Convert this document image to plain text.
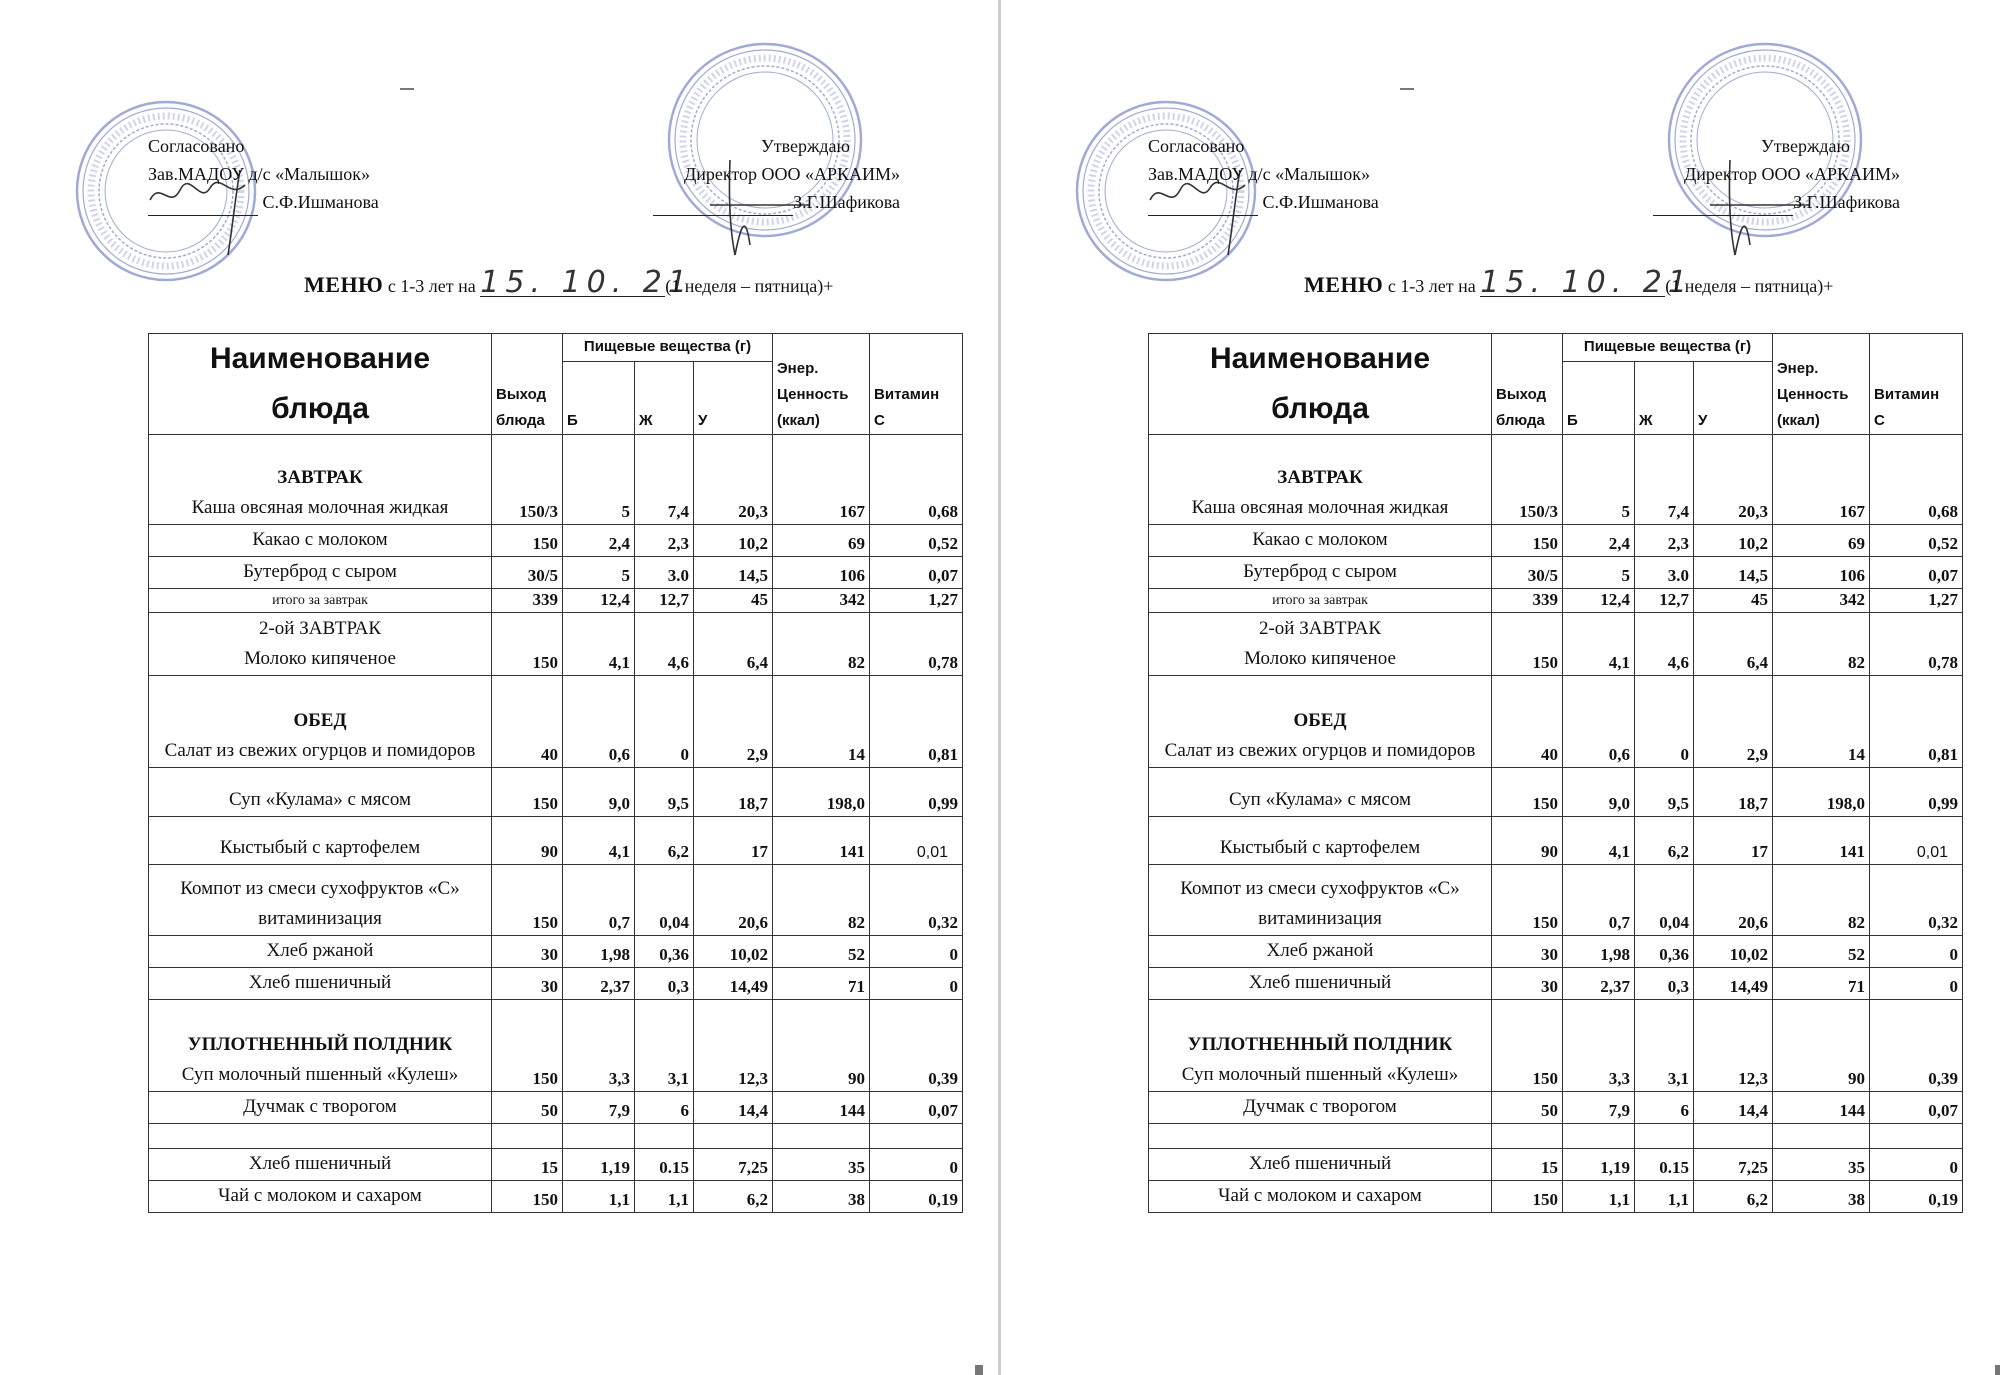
Согласовано
Зав.МАДОУ д/с «Малышок»
С.Ф.Ишманова
Утверждаю
Директор ООО «АРКАИМ»
З.Г.Шафикова
МЕНЮ с 1-3 лет на 15. 10. 21(1 неделя – пятница)+
Наименование
блюда	Выход
блюда	Пищевые вещества (г)			Энер.
Ценность
(ккал)	Витамин
С
		Б	Ж	У		

ЗАВТРАК
Каша овсяная молочная жидкая	150/3	5	7,4	20,3	167	0,68
Какао с молоком	150	2,4	2,3	10,2	69	0,52
Бутерброд с сыром	30/5	5	3.0	14,5	106	0,07
итого за завтрак	339	12,4	12,7	45	342	1,27

2-ой ЗАВТРАК
Молоко кипяченое	150	4,1	4,6	6,4	82	0,78

ОБЕД
Салат из свежих огурцов и помидоров	40	0,6	0	2,9	14	0,81
Суп «Кулама» с мясом	150	9,0	9,5	18,7	198,0	0,99
Кыстыбый с картофелем	90	4,1	6,2	17	141	0,01
Компот из смеси сухофруктов «С» витаминизация	150	0,7	0,04	20,6	82	0,32
Хлеб ржаной	30	1,98	0,36	10,02	52	0
Хлеб пшеничный	30	2,37	0,3	14,49	71	0

УПЛОТНЕННЫЙ ПОЛДНИК
Суп молочный пшенный «Кулеш»	150	3,3	3,1	12,3	90	0,39
Дучмак с творогом	50	7,9	6	14,4	144	0,07

Хлеб пшеничный	15	1,19	0.15	7,25	35	0
Чай с молоком и сахаром	150	1,1	1,1	6,2	38	0,19
Согласовано
Зав.МАДОУ д/с «Малышок»
С.Ф.Ишманова
Утверждаю
Директор ООО «АРКАИМ»
З.Г.Шафикова
МЕНЮ с 1-3 лет на 15. 10. 21(1 неделя – пятница)+
Наименование
блюда	Выход
блюда	Пищевые вещества (г)			Энер.
Ценность
(ккал)	Витамин
С
		Б	Ж	У		

ЗАВТРАК
Каша овсяная молочная жидкая	150/3	5	7,4	20,3	167	0,68
Какао с молоком	150	2,4	2,3	10,2	69	0,52
Бутерброд с сыром	30/5	5	3.0	14,5	106	0,07
итого за завтрак	339	12,4	12,7	45	342	1,27

2-ой ЗАВТРАК
Молоко кипяченое	150	4,1	4,6	6,4	82	0,78

ОБЕД
Салат из свежих огурцов и помидоров	40	0,6	0	2,9	14	0,81
Суп «Кулама» с мясом	150	9,0	9,5	18,7	198,0	0,99
Кыстыбый с картофелем	90	4,1	6,2	17	141	0,01
Компот из смеси сухофруктов «С» витаминизация	150	0,7	0,04	20,6	82	0,32
Хлеб ржаной	30	1,98	0,36	10,02	52	0
Хлеб пшеничный	30	2,37	0,3	14,49	71	0

УПЛОТНЕННЫЙ ПОЛДНИК
Суп молочный пшенный «Кулеш»	150	3,3	3,1	12,3	90	0,39
Дучмак с творогом	50	7,9	6	14,4	144	0,07

Хлеб пшеничный	15	1,19	0.15	7,25	35	0
Чай с молоком и сахаром	150	1,1	1,1	6,2	38	0,19
